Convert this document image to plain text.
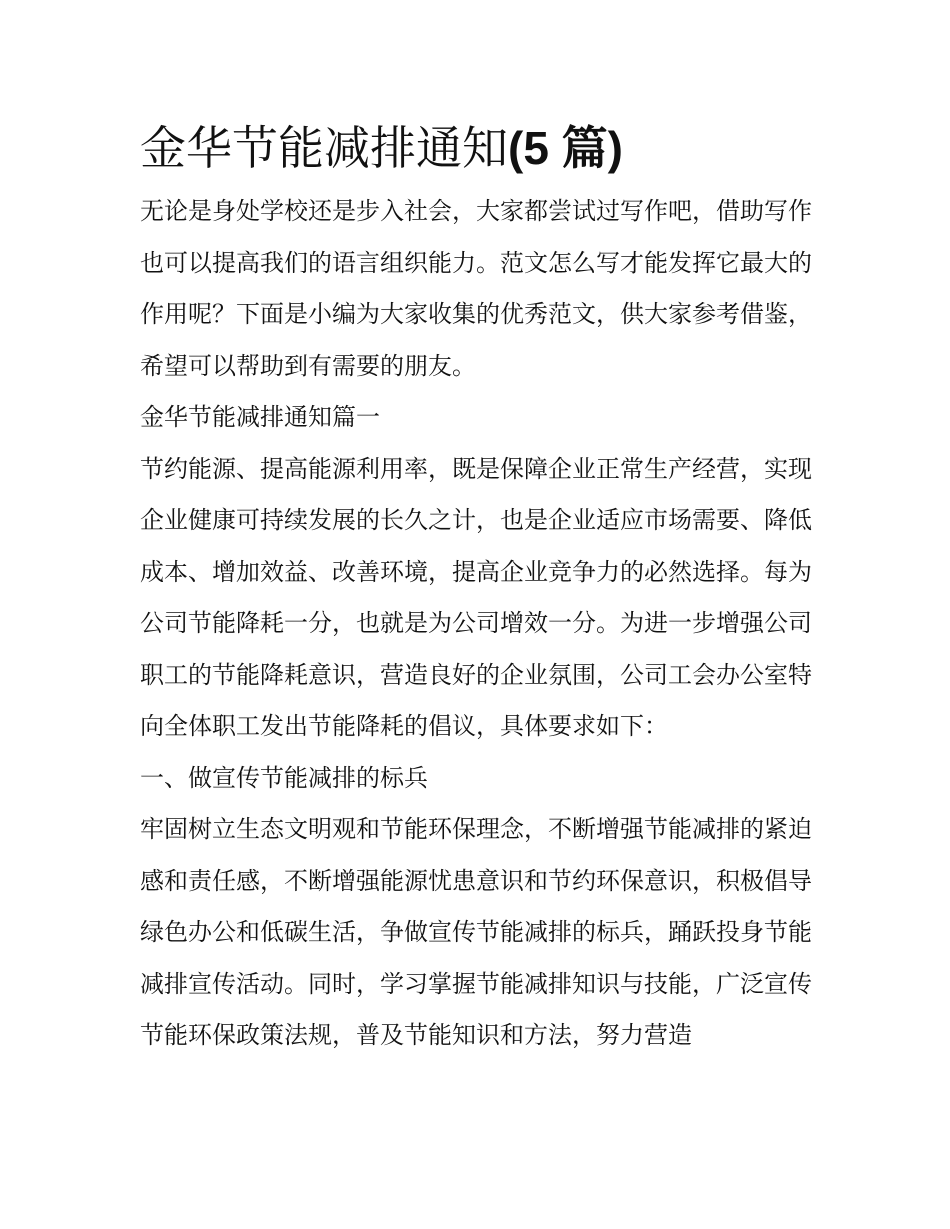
金华节能减排通知(5 篇)

无论是身处学校还是步入社会，大家都尝试过写作吧，借助写作也可以提高我们的语言组织能力。范文怎么写才能发挥它最大的作用呢？下面是小编为大家收集的优秀范文，供大家参考借鉴，希望可以帮助到有需要的朋友。

金华节能减排通知篇一

节约能源、提高能源利用率，既是保障企业正常生产经营，实现企业健康可持续发展的长久之计，也是企业适应市场需要、降低成本、增加效益、改善环境，提高企业竞争力的必然选择。每为公司节能降耗一分，也就是为公司增效一分。为进一步增强公司职工的节能降耗意识，营造良好的企业氛围，公司工会办公室特向全体职工发出节能降耗的倡议，具体要求如下：

一、做宣传节能减排的标兵

牢固树立生态文明观和节能环保理念，不断增强节能减排的紧迫感和责任感，不断增强能源忧患意识和节约环保意识，积极倡导绿色办公和低碳生活，争做宣传节能减排的标兵，踊跃投身节能减排宣传活动。同时，学习掌握节能减排知识与技能，广泛宣传节能环保政策法规，普及节能知识和方法，努力营造
